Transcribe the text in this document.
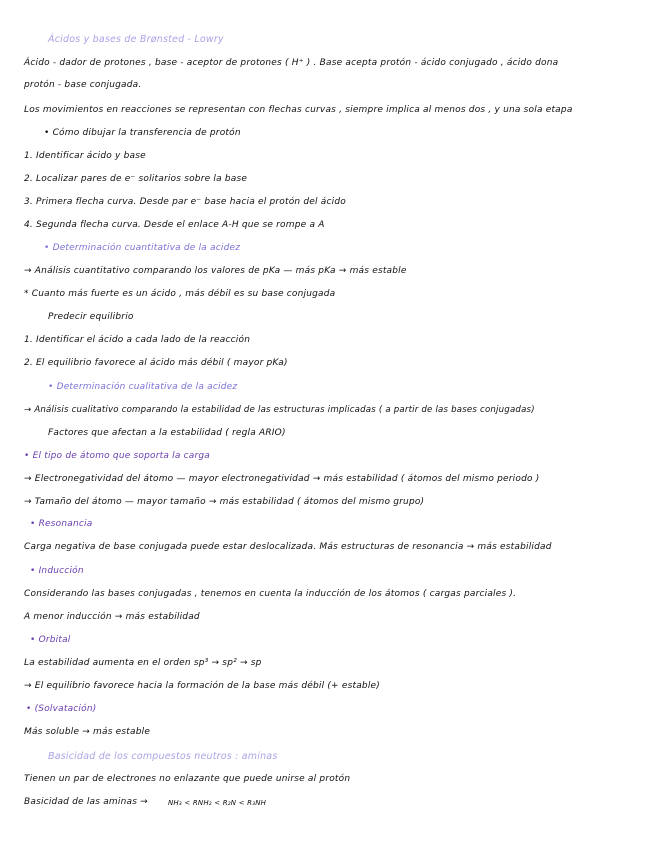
Ácidos y bases de Brønsted - Lowry
Ácido - dador de protones , base - aceptor de protones ( H⁺ ) . Base acepta protón - ácido conjugado , ácido dona
protón - base conjugada.
Los movimientos en reacciones se representan con flechas curvas , siempre implica al menos dos , y una sola etapa
• Cómo dibujar la transferencia de protón
1. Identificar ácido y base
2. Localizar pares de e⁻ solitarios sobre la base
3. Primera flecha curva. Desde par e⁻ base hacia el protón del ácido
4. Segunda flecha curva. Desde el enlace A-H que se rompe a A
• Determinación cuantitativa de la acidez
→ Análisis cuantitativo comparando los valores de pKa — más pKa → más estable
* Cuanto más fuerte es un ácido , más débil es su base conjugada
Predecir equilibrio
1. Identificar el ácido a cada lado de la reacción
2. El equilibrio favorece al ácido más débil ( mayor pKa)
• Determinación cualitativa de la acidez
→ Análisis cualitativo comparando la estabilidad de las estructuras implicadas ( a partir de las bases conjugadas)
Factores que afectan a la estabilidad ( regla ARIO)
• El tipo de átomo que soporta la carga
→ Electronegatividad del átomo — mayor electronegatividad → más estabilidad ( átomos del mismo periodo )
→ Tamaño del átomo — mayor tamaño → más estabilidad ( átomos del mismo grupo)
• Resonancia
Carga negativa de base conjugada puede estar deslocalizada. Más estructuras de resonancia → más estabilidad
• Inducción
Considerando las bases conjugadas , tenemos en cuenta la inducción de los átomos ( cargas parciales ).
A menor inducción → más estabilidad
• Orbital
La estabilidad aumenta en el orden sp³ → sp² → sp
→ El equilibrio favorece hacia la formación de la base más débil (+ estable)
• (Solvatación)
Más soluble → más estable
Basicidad de los compuestos neutros : aminas
Tienen un par de electrones no enlazante que puede unirse al protón
Basicidad de las aminas →	NH₃ < RNH₂ < R₂N < R₃NH
